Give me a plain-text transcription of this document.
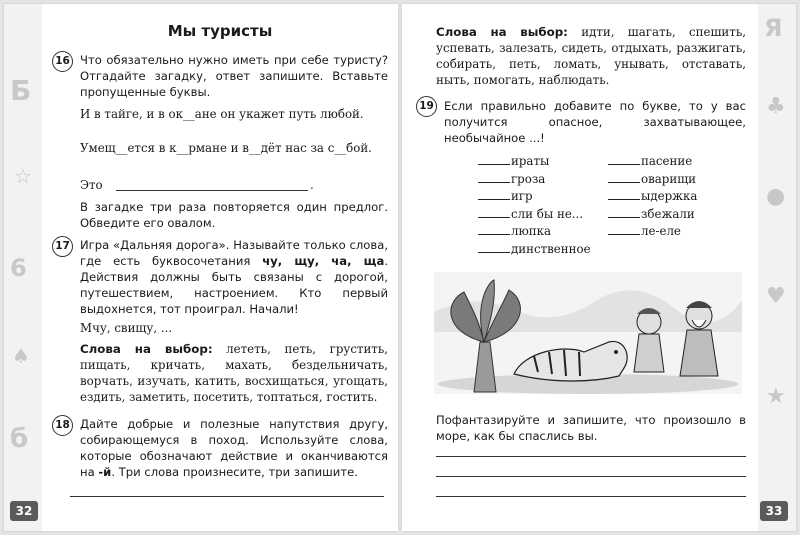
Б
☆
6
♠
б
Мы туристы
16 Что обязательно нужно иметь при себе туристу? Отгадайте загадку, ответ запишите. Вставьте пропущенные буквы.
И в тайге, и в ок__ане он укажет путь любой.
Умещ__ется в к__рмане и в__дёт нас за с__бой.
Это	.
В загадке три раза повторяется один предлог. Обведите его овалом.
17 Игра «Дальняя дорога». Называйте только слова, где есть буквосочетания чу, щу, ча, ща. Действия должны быть связаны с дорогой, путешествием, настроением. Кто первый выдохнется, тот проиграл. Начали!
Мчу, свищу, ...
Слова на выбор: лететь, петь, грустить, пищать, кричать, махать, бездельничать, ворчать, изучать, катить, восхищаться, угощать, ездить, заметить, посетить, топтаться, гостить.
18 Дайте добрые и полезные напутствия другу, собирающемуся в поход. Используйте слова, которые обозначают действие и оканчиваются на -й. Три слова произнесите, три запишите.
32
Я
♣
●
♥
★
Слова на выбор: идти, шагать, спешить, успевать, залезать, сидеть, отдыхать, разжигать, собирать, петь, ломать, унывать, отставать, ныть, помогать, наблюдать.
19 Если правильно добавите по букве, то у вас получится опасное, захватывающее, необычайное ...!
ираты
гроза
игр
сли бы не...
люпка
динственное
пасение
оварищи
ыдержка
збежали
ле-еле
Пофантазируйте и запишите, что произошло в море, как бы спаслись вы.
33
